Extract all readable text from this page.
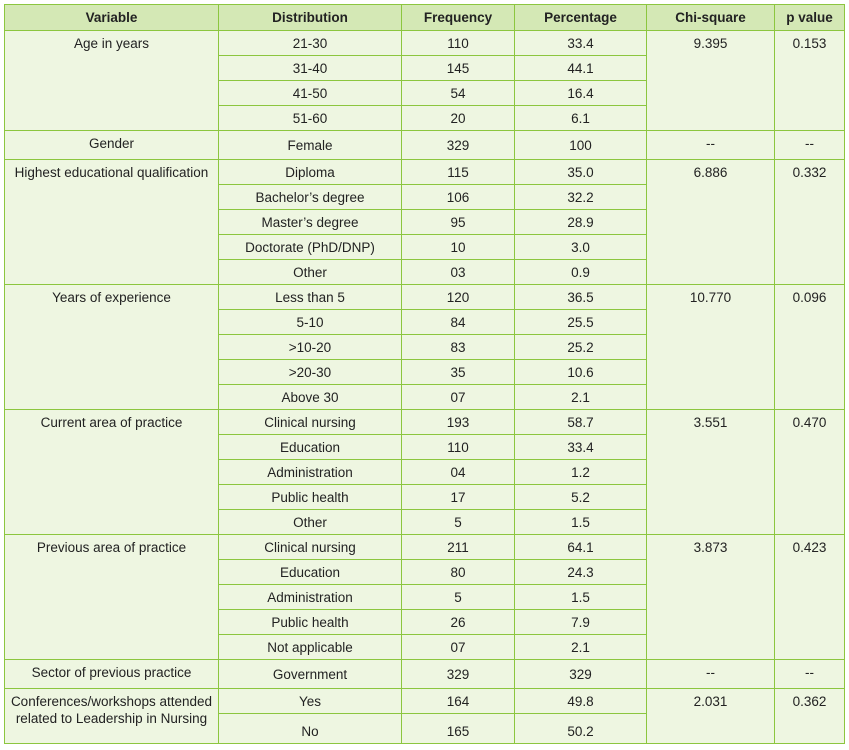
Variable	Distribution	Frequency	Percentage	Chi-square	p value
Age in years	21-30	110	33.4	9.395	0.153
	31-40	145	44.1		
	41-50	54	16.4		
	51-60	20	6.1		
Gender	Female	329	100	--	--
Highest educational qualification	Diploma	115	35.0	6.886	0.332
	Bachelor’s degree	106	32.2		
	Master’s degree	95	28.9		
	Doctorate (PhD/DNP)	10	3.0		
	Other	03	0.9		
Years of experience	Less than 5	120	36.5	10.770	0.096
	5-10	84	25.5		
	>10-20	83	25.2		
	>20-30	35	10.6		
	Above 30	07	2.1		
Current area of practice	Clinical nursing	193	58.7	3.551	0.470
	Education	110	33.4		
	Administration	04	1.2		
	Public health	17	5.2		
	Other	5	1.5		
Previous area of practice	Clinical nursing	211	64.1	3.873	0.423
	Education	80	24.3		
	Administration	5	1.5		
	Public health	26	7.9		
	Not applicable	07	2.1		
Sector of previous practice	Government	329	329	--	--
Conferences/workshops attended related to Leadership in Nursing	Yes	164	49.8	2.031	0.362
	No	165	50.2		
